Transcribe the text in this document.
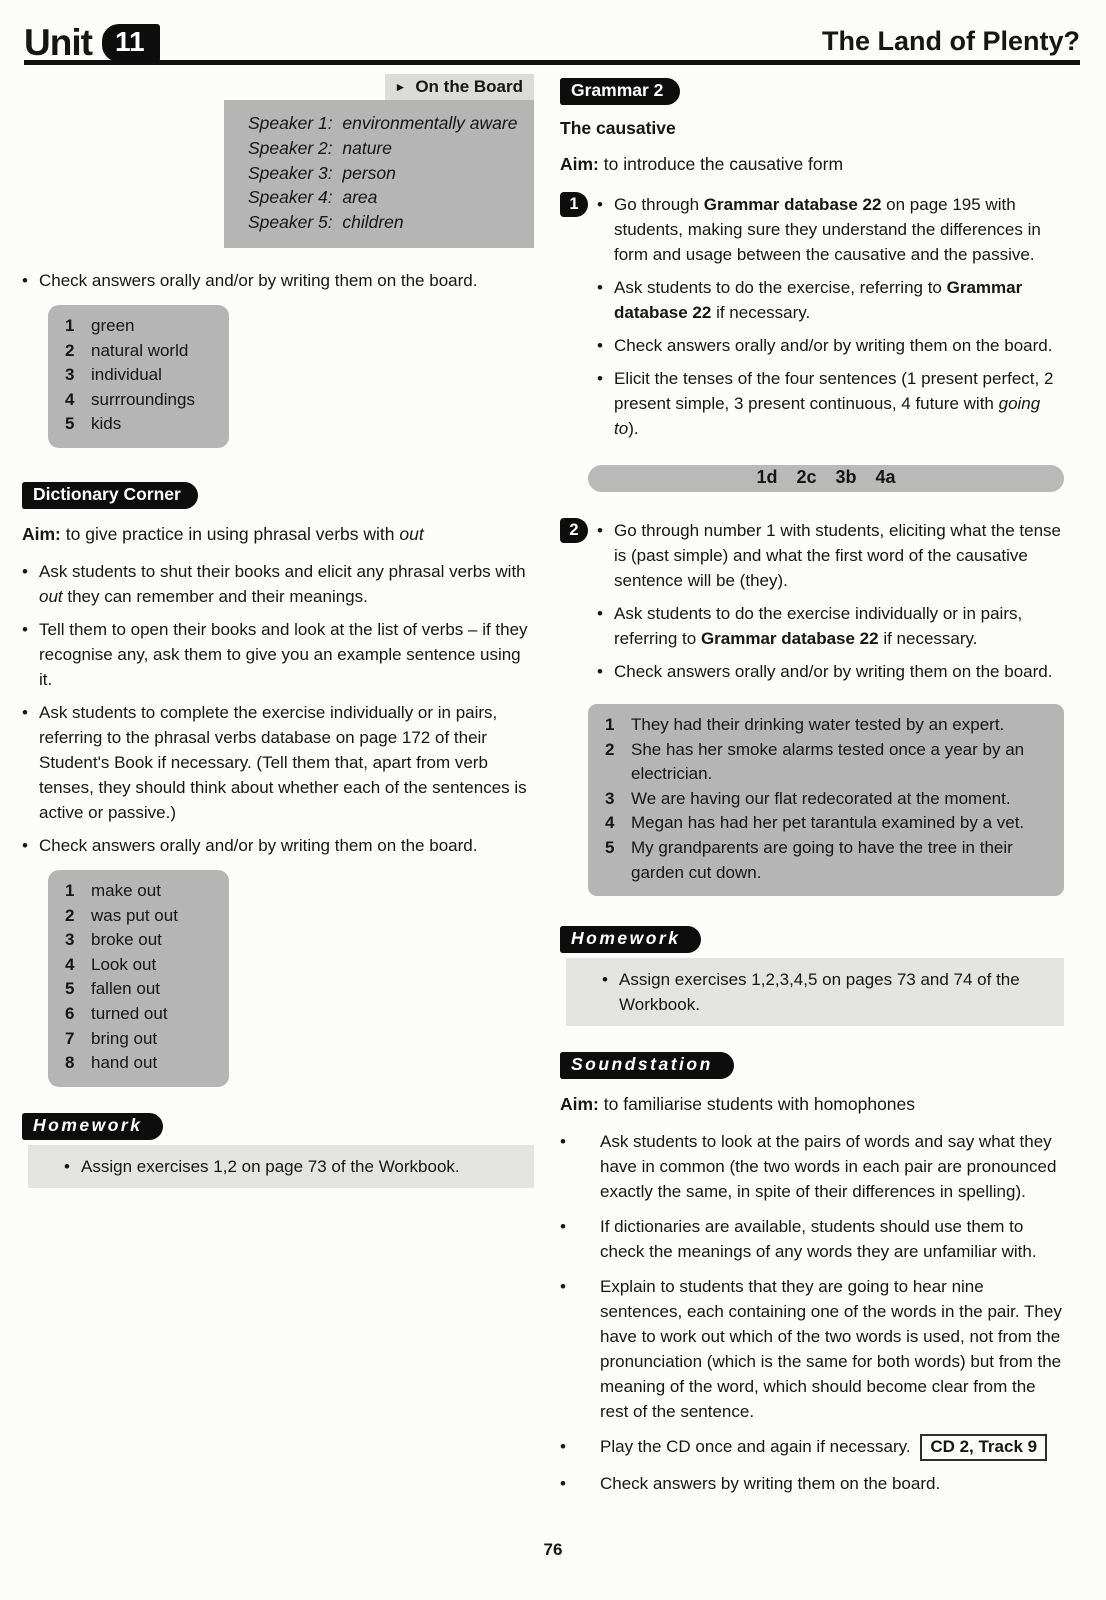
Unit 11	The Land of Plenty?
► On the Board
Speaker 1:  environmentally aware
Speaker 2:  nature
Speaker 3:  person
Speaker 4:  area
Speaker 5:  children
• Check answers orally and/or by writing them on the board.
1 green
2 natural world
3 individual
4 surrroundings
5 kids
Dictionary Corner
Aim: to give practice in using phrasal verbs with out
• Ask students to shut their books and elicit any phrasal verbs with out they can remember and their meanings.
• Tell them to open their books and look at the list of verbs – if they recognise any, ask them to give you an example sentence using it.
• Ask students to complete the exercise individually or in pairs, referring to the phrasal verbs database on page 172 of their Student's Book if necessary. (Tell them that, apart from verb tenses, they should think about whether each of the sentences is active or passive.)
• Check answers orally and/or by writing them on the board.
1 make out
2 was put out
3 broke out
4 Look out
5 fallen out
6 turned out
7 bring out
8 hand out
Homework
• Assign exercises 1,2 on page 73 of the Workbook.
Grammar 2
The causative
Aim: to introduce the causative form
1	• Go through Grammar database 22 on page 195 with students, making sure they understand the differences in form and usage between the causative and the passive.
• Ask students to do the exercise, referring to Grammar database 22 if necessary.
• Check answers orally and/or by writing them on the board.
• Elicit the tenses of the four sentences (1 present perfect, 2 present simple, 3 present continuous, 4 future with going to).
1d 2c 3b 4a
2	• Go through number 1 with students, eliciting what the tense is (past simple) and what the first word of the causative sentence will be (they).
• Ask students to do the exercise individually or in pairs, referring to Grammar database 22 if necessary.
• Check answers orally and/or by writing them on the board.
1 They had their drinking water tested by an expert.
2 She has her smoke alarms tested once a year by an electrician.
3 We are having our flat redecorated at the moment.
4 Megan has had her pet tarantula examined by a vet.
5 My grandparents are going to have the tree in their garden cut down.
Homework
• Assign exercises 1,2,3,4,5 on pages 73 and 74 of the Workbook.
Soundstation
Aim: to familiarise students with homophones
•	Ask students to look at the pairs of words and say what they have in common (the two words in each pair are pronounced exactly the same, in spite of their differences in spelling).
•	If dictionaries are available, students should use them to check the meanings of any words they are unfamiliar with.
•	Explain to students that they are going to hear nine sentences, each containing one of the words in the pair. They have to work out which of the two words is used, not from the pronunciation (which is the same for both words) but from the meaning of the word, which should become clear from the rest of the sentence.
•	Play the CD once and again if necessary. CD 2, Track 9
•	Check answers by writing them on the board.
76
